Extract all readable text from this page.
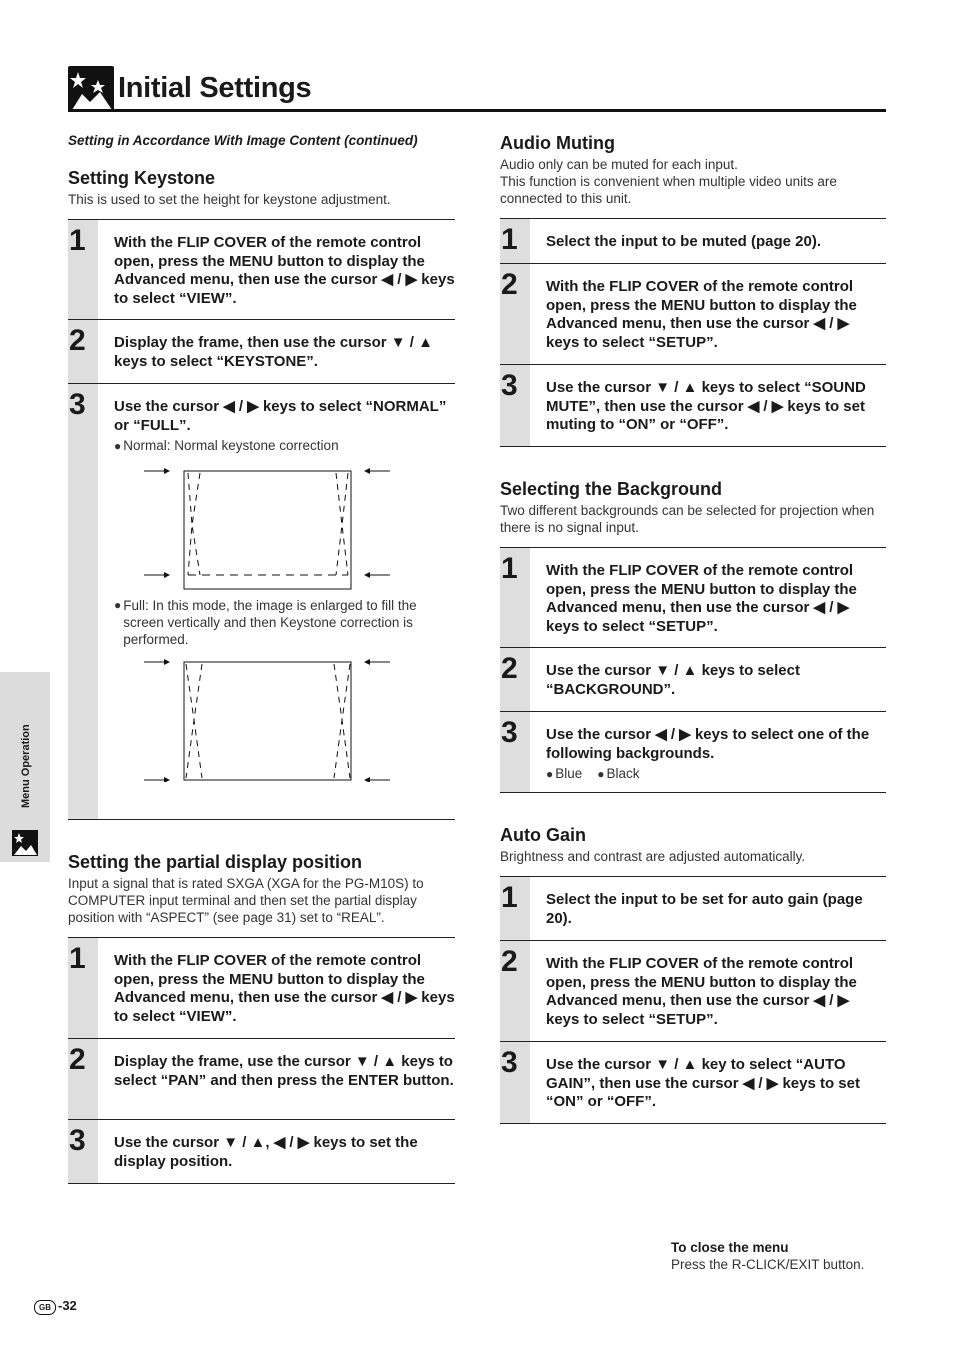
Initial Settings
Setting in Accordance With Image Content (continued)
Setting Keystone
This is used to set the height for keystone adjustment.
1	With the FLIP COVER of the remote control open, press the MENU button to display the Advanced menu, then use the cursor ◀ / ▶ keys to select “VIEW”.
2	Display the frame, then use the cursor ▼ / ▲ keys to select “KEYSTONE”.
3	Use the cursor ◀ / ▶ keys to select “NORMAL” or “FULL”.
● Normal: Normal keystone correction
● Full: In this mode, the image is enlarged to fill the screen vertically and then Keystone correction is performed.
Setting the partial display position
Input a signal that is rated SXGA (XGA for the PG-M10S) to COMPUTER input terminal and then set the partial display position with “ASPECT” (see page 31) set to “REAL”.
1	With the FLIP COVER of the remote control open, press the MENU button to display the Advanced menu, then use the cursor ◀ / ▶ keys to select “VIEW”.
2	Display the frame, use the cursor ▼ / ▲ keys to select “PAN” and then press the ENTER button.
3	Use the cursor ▼ / ▲, ◀ / ▶ keys to set the display position.
Audio Muting
Audio only can be muted for each input.
This function is convenient when multiple video units are connected to this unit.
1	Select the input to be muted (page 20).
2	With the FLIP COVER of the remote control open, press the MENU button to display the Advanced menu, then use the cursor ◀ / ▶ keys to select “SETUP”.
3	Use the cursor ▼ / ▲ keys to select “SOUND MUTE”, then use the cursor ◀ / ▶ keys to set muting to “ON” or “OFF”.
Selecting the Background
Two different backgrounds can be selected for projection when there is no signal input.
1	With the FLIP COVER of the remote control open, press the MENU button to display the Advanced menu, then use the cursor ◀ / ▶ keys to select “SETUP”.
2	Use the cursor ▼ / ▲ keys to select “BACKGROUND”.
3	Use the cursor ◀ / ▶ keys to select one of the following backgrounds.
● Blue ● Black
Auto Gain
Brightness and contrast are adjusted automatically.
1	Select the input to be set for auto gain (page 20).
2	With the FLIP COVER of the remote control open, press the MENU button to display the Advanced menu, then use the cursor ◀ / ▶ keys to select “SETUP”.
3	Use the cursor ▼ / ▲ key to select “AUTO GAIN”, then use the cursor ◀ / ▶ keys to set “ON” or “OFF”.
Menu Operation
To close the menu
Press the R-CLICK/EXIT button.
GB -32
